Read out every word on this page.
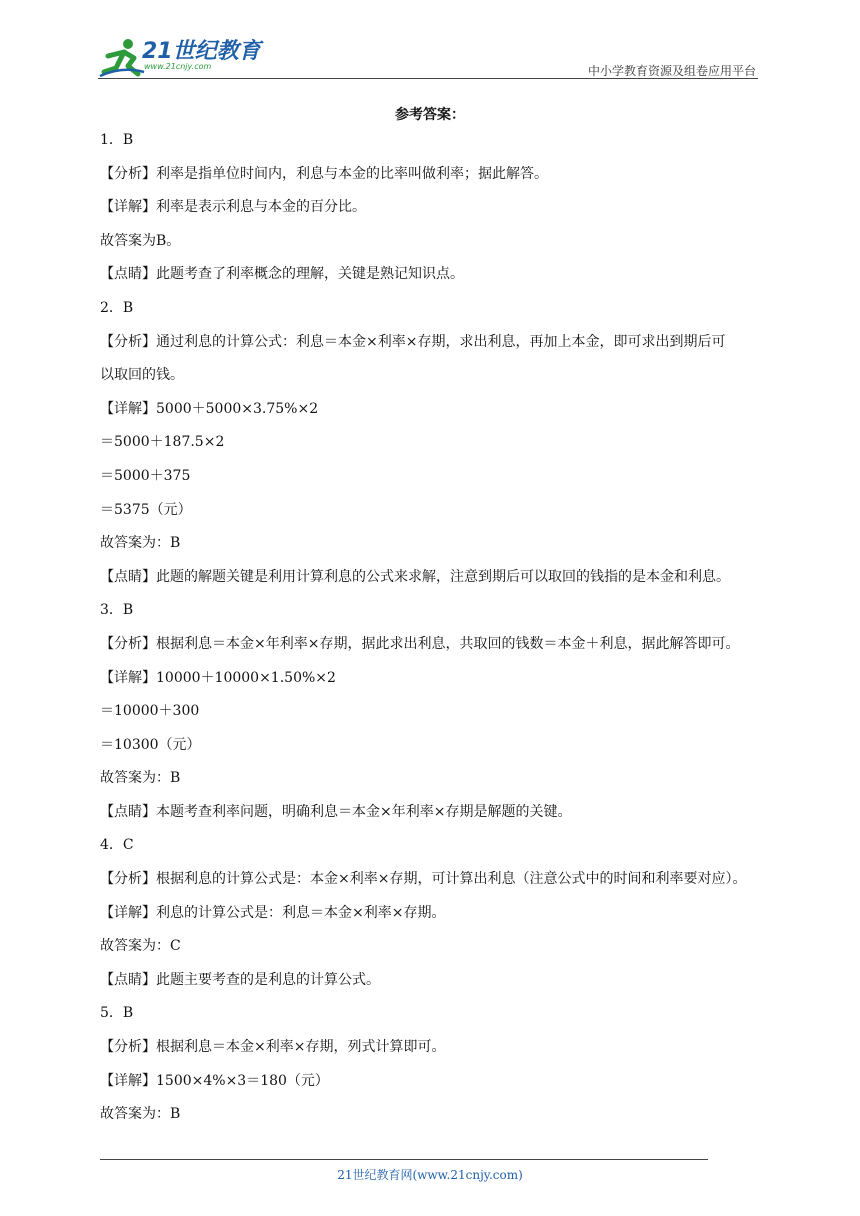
21世纪教育
www.21cnjy.com	中小学教育资源及组卷应用平台
参考答案：
1．B
【分析】利率是指单位时间内，利息与本金的比率叫做利率；据此解答。
【详解】利率是表示利息与本金的百分比。
故答案为B。
【点睛】此题考查了利率概念的理解，关键是熟记知识点。
2．B
【分析】通过利息的计算公式：利息＝本金×利率×存期，求出利息，再加上本金，即可求出到期后可
以取回的钱。
【详解】5000＋5000×3.75%×2
＝5000＋187.5×2
＝5000＋375
＝5375（元）
故答案为：B
【点睛】此题的解题关键是利用计算利息的公式来求解，注意到期后可以取回的钱指的是本金和利息。
3．B
【分析】根据利息＝本金×年利率×存期，据此求出利息，共取回的钱数＝本金＋利息，据此解答即可。
【详解】10000＋10000×1.50%×2
＝10000＋300
＝10300（元）
故答案为：B
【点睛】本题考查利率问题，明确利息＝本金×年利率×存期是解题的关键。
4．C
【分析】根据利息的计算公式是：本金×利率×存期，可计算出利息（注意公式中的时间和利率要对应）。
【详解】利息的计算公式是：利息＝本金×利率×存期。
故答案为：C
【点睛】此题主要考查的是利息的计算公式。
5．B
【分析】根据利息＝本金×利率×存期，列式计算即可。
【详解】1500×4%×3＝180（元）
故答案为：B
21世纪教育网(www.21cnjy.com)
